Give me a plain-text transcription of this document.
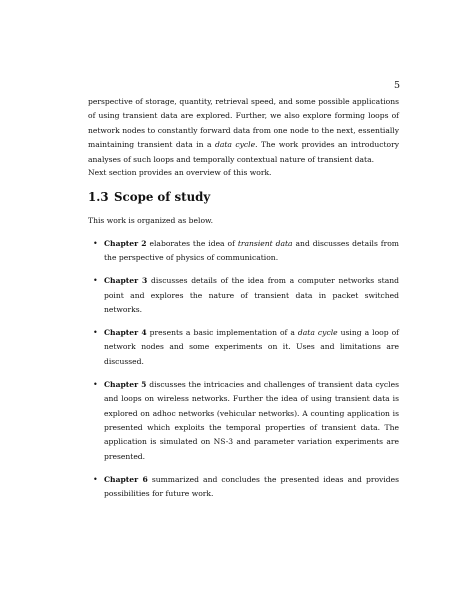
5

perspective of storage, quantity, retrieval speed, and some possible applications of using transient data are explored. Further, we also explore forming loops of network nodes to constantly forward data from one node to the next, essentially maintaining transient data in a data cycle. The work provides an introductory analyses of such loops and temporally contextual nature of transient data.

Next section provides an overview of this work.

1.3 Scope of study

This work is organized as below.

• Chapter 2 elaborates the idea of transient data and discusses details from the perspective of physics of communication.
• Chapter 3 discusses details of the idea from a computer networks stand point and explores the nature of transient data in packet switched networks.
• Chapter 4 presents a basic implementation of a data cycle using a loop of network nodes and some experiments on it. Uses and limitations are discussed.
• Chapter 5 discusses the intricacies and challenges of transient data cycles and loops on wireless networks. Further the idea of using transient data is explored on adhoc networks (vehicular networks). A counting application is presented which exploits the temporal properties of transient data. The application is simulated on NS-3 and parameter variation experiments are presented.
• Chapter 6 summarized and concludes the presented ideas and provides possibilities for future work.
